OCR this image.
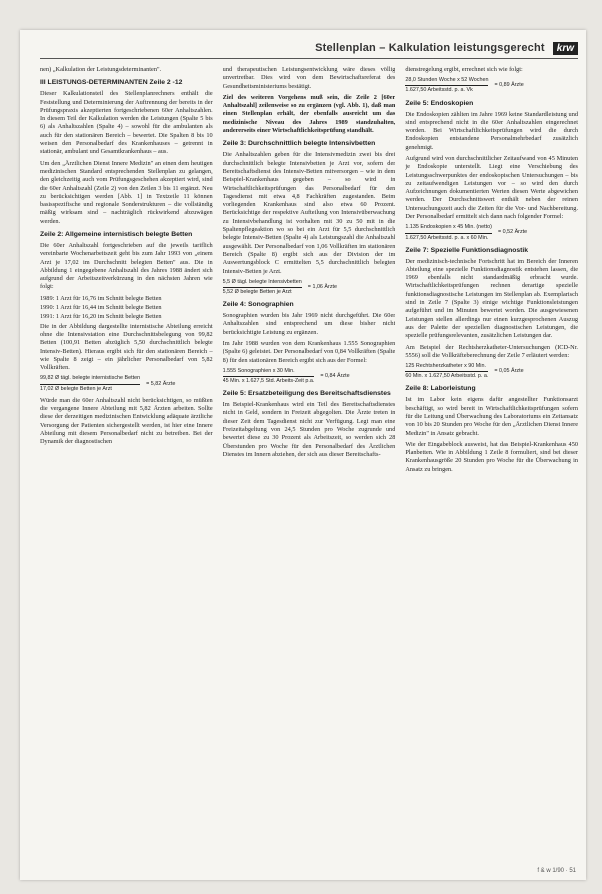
Stellenplan – Kalkulation leistungsgerecht	krw

nen) „Kalkulation der Leistungsdeterminanten".

III LEISTUNGS-DETERMINANTEN Zeile 2 -12

Dieser Kalkulationsteil des Stellenplanrechners enthält die Feststellung und Determinierung der Auftrennung der bereits in der Prüfungspraxis akzeptierten fortgeschriebenen 60er Anhaltszahlen. In diesem Teil der Kalkulation werden die Leistungen (Spalte 5 bis 6) als Anhaltszahlen (Spalte 4) – sowohl für die ambulanten als auch für den stationären Bereich – bewertet. Die Spalten 8 bis 10 weisen den Personalbedarf des Krankenhauses – getrennt in stationär, ambulant und Gesamtkrankenhaus – aus.

Um den „Ärztlichen Dienst Innere Medizin" an einen dem heutigen medizinischen Standard entsprechenden Stellenplan zu gelangen, den gleichzeitig auch vom Prüfungsgeschehen akzeptiert wird, sind die 60er Anhaltszahl (Zeile 2) von den Zeilen 3 bis 11 ergänzt. Neu zu berücksichtigen werden [Abb. 1] in Textzeile 11 können basisspezifische und regionale Sonderstrukturen – die vollständig mäßig wirksam sind – nachträglich rückwirkend abzuwägen werden.

Zeile 2: Allgemeine internistisch belegte Betten

Die 60er Anhaltszahl fortgeschrieben auf die jeweils tariflich vereinbarte Wochenarbeitszeit geht bis zum Jahr 1993 von „einem Arzt je 17,02 im Durchschnitt belegten Betten" aus. Die in Abbildung 1 eingegebene Anhaltszahl des Jahres 1988 ändert sich aufgrund der Arbeitszeitverkürzung in den nächsten Jahren wie folgt:

1989: 1 Arzt für 16,76 im Schnitt belegte Betten
1990: 1 Arzt für 16,44 im Schnitt belegte Betten
1991: 1 Arzt für 16,20 im Schnitt belegte Betten

Die in der Abbildung dargestellte internistische Abteilung erreicht ohne die Intensivstation eine Durchschnittsbelegung von 99,82 Betten (100,91 Betten abzüglich 5,50 durchschnittlich belegte Intensiv-Betten). Hieraus ergibt sich für den stationären Bereich – wie Spalte 8 zeigt – ein jährlicher Personalbedarf von 5,82 Vollkräften.

$\frac{\text{99,82 Ø tägl. belegte internistische Betten}}{\text{17,02 Ø belegte Betten je Arzt}} = 5,82$ Ärzte

Würde man die 60er Anhaltszahl nicht berücksichtigen, so müßten die vergangene Innere Abteilung mit 5,82 Ärzten arbeiten. Sollte diese der derzeitigen medizinischen Entwicklung adäquate ärztliche Versorgung der Patienten sichergestellt werden, ist hier eine Innere Abteilung mit diesem Personalbedarf nicht zu betreiben. Bei der Dynamik der diagnostischen

und therapeutischen Leistungsentwicklung wäre dieses völlig unvertretbar. Dies wird von dem Bewirtschaftsreferat des Gesundheitsministeriums bestätigt.

Ziel des weiteren Vorgehens muß sein, die Zeile 2 [60er Anhaltszahl] zeilenweise so zu ergänzen (vgl. Abb. 1), daß man einen Stellenplan erhält, der ebenfalls ausreicht um das medizinische Niveau des Jahres 1989 standzuhalten, andererseits einer Wirtschaftlichkeitsprüfung standhält.

Zeile 3: Durchschnittlich belegte Intensivbetten

Die Anhaltszahlen geben für die Intensivmedizin zwei bis drei durchschnittlich belegte Intensivbetten je Arzt vor, sofern der Bereitschaftsdienst des Intensiv-Betten mitversorgen – wie in dem Beispiel-Krankenhaus gegeben – so wird in Wirtschaftlichkeitsprüfungen das Personalbedarf für den Tagesdienst mit etwa 4,8 Fachkräften zugestanden. Beim vorliegenden Krankenhaus sind also etwa 60 Prozent. Berücksichtige der respektive Aufteilung von Intensivüberwachung zu Intensivbehandlung ist vorhalten mit 30 zu 50 mit in die Spaltenpflegeaktion wo so bei ein Arzt für 5,5 durchschnittlich belegte Intensiv-Betten (Spalte 4) als Leistungszahl die Anhaltszahl ausgewählt. Der Personalbedarf von 1,06 Vollkräften im stationären Bereich (Spalte 8) ergibt sich aus der Division der im Auswertungsblock C ermittelten 5,5 durchschnittlich belegten Intensiv-Betten je Arzt.

$\frac{\text{5,5 Ø tägl. belegte Intensivbetten}}{\text{5,52 Ø belegte Betten je Arzt}} = 1,06$ Ärzte
Zeile 4: Sonographien

Sonographien wurden bis Jahr 1969 nicht durchgeführt. Die 60er Anhaltszahlen sind entsprechend um diese bisher nicht berücksichtigte Leistung zu ergänzen.

Im Jahr 1988 wurden von dem Krankenhaus 1.555 Sonographien (Spalte 6) geleistet. Der Personalbedarf von 0,84 Vollkräften (Spalte 8) für den stationären Bereich ergibt sich aus der Formel:

$\frac{\text{1.555 Sonographien x 30 Min.}}{\text{45 Min. x 1.627,5 Std. Arbeits-Zeit p.a.}} = 0,84$ Ärzte
Zeile 5: Ersatzbeteiligung des Bereitschaftsdienstes

Im Beispiel-Krankenhaus wird ein Teil des Bereitschaftsdienstes nicht in Geld, sondern in Freizeit abgegolten. Die Ärzte treten in dieser Zeit dem Tagesdienst nicht zur Verfügung. Legt man eine Freizeitabgeltung von 24,5 Stunden pro Woche zugrunde und bewertet diese zu 30 Prozent als Arbeitszeit, so werden sich 28 Überstunden pro Woche für den Personalbedarf des Ärztlichen Dienstes im Innern abziehen, der sich aus dieser Bereitschafts-

dienstregelung ergibt, errechnet sich wie folgt:

$\frac{\text{28,0 Stunden Woche x 52 Wochen}}{\text{1.627,50 Arbeitsstd. p. a. Vk}} = 0,89$ Ärzte
Zeile 5: Endoskopien

Die Endoskopien zählten im Jahre 1969 keine Standardleistung und sind entsprechend nicht in die 60er Anhaltszahlen eingerechnet worden. Bei Wirtschaftlichkeitsprüfungen wird die durch Endoskopien entstandene Personalmehrbedarf zusätzlich genehmigt.

Aufgrund wird von durchschnittlicher Zeitaufwand von 45 Minuten je Endoskopie unterstellt. Liegt eine Verschiebung des Leistungsschwerpunktes der endoskopischen Untersuchungen – bis zu zeitaufwendigen Leistungen vor – so wird den durch Aufzeichnungen dokumentierten Werten diesen Werte abgewichen werden. Der Durchschnittswert enthält neben der reinen Untersuchungszeit auch die Zeiten für die Vor- und Nachbereitung. Der Personalbedarf ermittelt sich dann nach folgender Formel:

$\frac{\text{1.135 Endoskopien x 45 Min. (netto)}}{\text{1.627,50 Arbeitsstd. p. a. x 60 Min.}} = 0,52$ Ärzte
Zeile 7: Spezielle Funktionsdiagnostik

Der medizinisch-technische Fortschritt hat im Bereich der Inneren Abteilung eine spezielle Funktionsdiagnostik entstehen lassen, die 1969 ebenfalls nicht standardmäßig erbracht wurde. Wirtschaftlichkeitsprüfungen rechnen derartige spezielle funktionsdiagnostische Leistungen im Stellenplan ab. Exemplarisch sind in Zeile 7 (Spalte 3) einige wichtige Funktionsleistungen aufgeführt und im Minuten bewertet worden. Die ausgewiesenen Leistungen stellen allerdings nur einen kurzgesprochenen Auszug aus der Palette der speziellen diagnostischen Leistungen, die spezielle prüfungsrelevanten, zusätzlichen Leistungen dar.

Am Beispiel der Rechtsherzkatheter-Untersuchungen (ICD-Nr. 5556) soll die Vollkräfteberechnung der Zeile 7 erläutert werden:

$\frac{\text{125 Rechtsherzkatheter x 90 Min.}}{\text{60 Min. x 1.627,50 Arbeitsstd. p. a.}} = 0,05$ Ärzte
Zeile 8: Laborleistung

Ist im Labor kein eigens dafür angestellter Funktionsarzt beschäftigt, so wird bereit in Wirtschaftlichkeitsprüfungen sofern für die Leitung und Überwachung des Laboratoriums ein Zeitansatz von 10 bis 20 Stunden pro Woche für den „Ärztlichen Dienst Innere Medizin" in Ansatz gebracht.

Wie der Eingabeblock ausweist, hat das Beispiel-Krankenhaus 450 Planbetten. Wie in Abbildung 1 Zeile 8 formuliert, sind bei dieser Krankenhausgröße 20 Stunden pro Woche für die Überwachung in Ansatz zu bringen.

f & w 1/90 · 51
